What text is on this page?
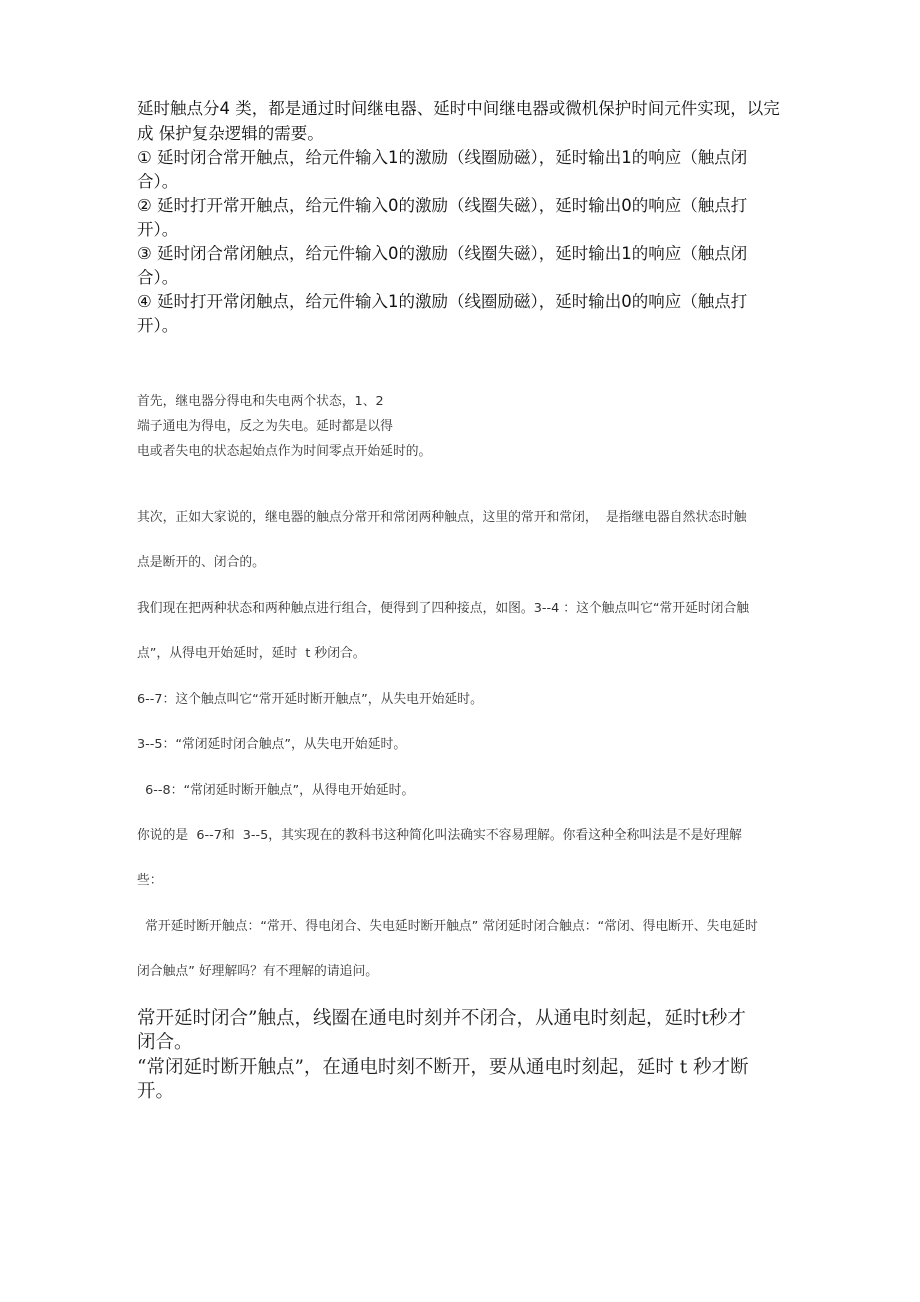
延时触点分4 类，都是通过时间继电器、延时中间继电器或微机保护时间元件实现，以完
成 保护复杂逻辑的需要。
① 延时闭合常开触点，给元件输入1的激励（线圈励磁），延时输出1的响应（触点闭
合）。
② 延时打开常开触点，给元件输入0的激励（线圈失磁），延时输出0的响应（触点打
开）。
③ 延时闭合常闭触点，给元件输入0的激励（线圈失磁），延时输出1的响应（触点闭
合）。
④ 延时打开常闭触点，给元件输入1的激励（线圈励磁），延时输出0的响应（触点打
开）。
首先，继电器分得电和失电两个状态，1、2
端子通电为得电，反之为失电。延时都是以得
电或者失电的状态起始点作为时间零点开始延时的。
其次，正如大家说的，继电器的触点分常开和常闭两种触点，这里的常开和常闭，  是指继电器自然状态时触
点是断开的、闭合的。
我们现在把两种状态和两种触点进行组合，便得到了四种接点，如图。3--4 ：这个触点叫它“常开延时闭合触
点”，从得电开始延时，延时  t 秒闭合。
6--7：这个触点叫它“常开延时断开触点”，从失电开始延时。
3--5：“常闭延时闭合触点”，从失电开始延时。
6--8：“常闭延时断开触点”，从得电开始延时。
你说的是  6--7和  3--5，其实现在的教科书这种简化叫法确实不容易理解。你看这种全称叫法是不是好理解
些：
常开延时断开触点：“常开、得电闭合、失电延时断开触点” 常闭延时闭合触点：“常闭、得电断开、失电延时
闭合触点” 好理解吗？有不理解的请追问。
常开延时闭合”触点，线圈在通电时刻并不闭合，从通电时刻起，延时t秒才
闭合。
“常闭延时断开触点”，在通电时刻不断开，要从通电时刻起，延时 t 秒才断
开。
